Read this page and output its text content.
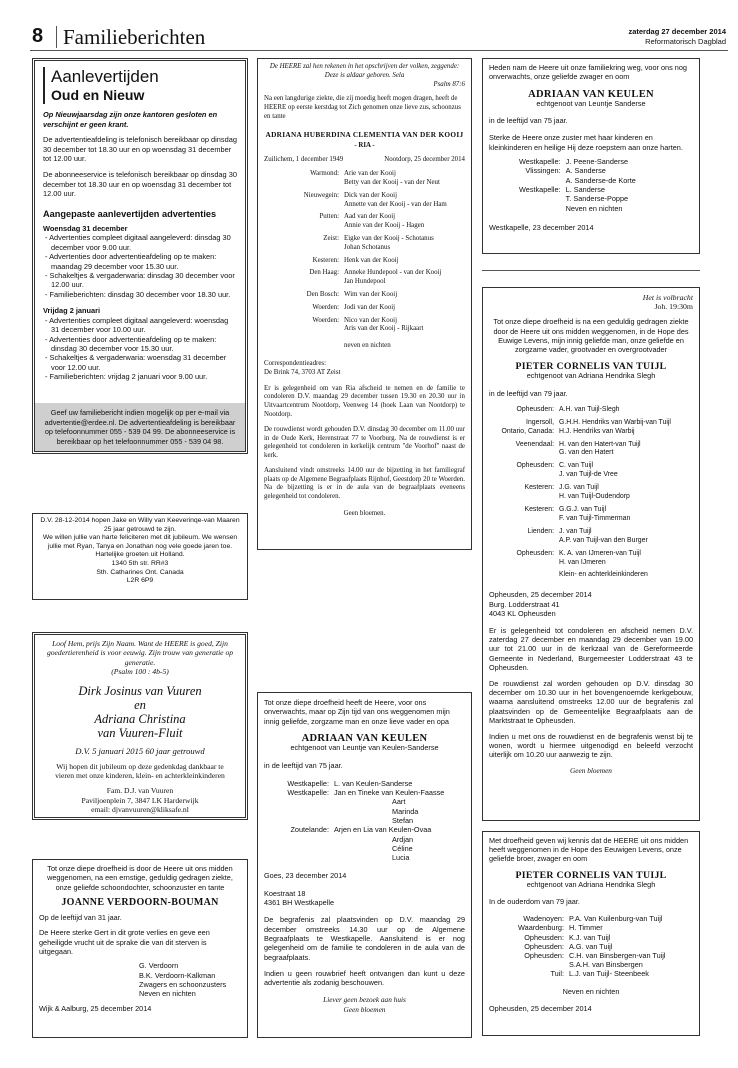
8 Familieberichten	zaterdag 27 december 2014
Reformatorisch Dagblad
Aanlevertijden
Oud en Nieuw
Op Nieuwjaarsdag zijn onze kantoren gesloten en verschijnt er geen krant.
De advertentieafdeling is telefonisch bereikbaar op dinsdag 30 december tot 18.30 uur en op woensdag 31 december tot 12.00 uur.
De abonneeservice is telefonisch bereikbaar op dinsdag 30 december tot 18.30 uur en op woensdag 31 december tot 12.00 uur.
Aangepaste aanlevertijden advertenties
Woensdag 31 december
- Advertenties compleet digitaal aangeleverd: dinsdag 30 december voor 9.00 uur.
- Advertenties door advertentieafdeling op te maken: maandag 29 december voor 15.30 uur.
- Schakeltjes & vergaderwaria: dinsdag 30 december voor 12.00 uur.
- Familieberichten: dinsdag 30 december voor 18.30 uur.
Vrijdag 2 januari
- Advertenties compleet digitaal aangeleverd: woensdag 31 december voor 10.00 uur.
- Advertenties door advertentieafdeling op te maken: dinsdag 30 december voor 15.30 uur.
- Schakeltjes & vergaderwaria: woensdag 31 december voor 12.00 uur.
- Familieberichten: vrijdag 2 januari voor 9.00 uur.
Geef uw familiebericht indien mogelijk op per e-mail via advertentie@erdee.nl. De advertentieafdeling is bereikbaar op telefoonnummer 055 - 539 04 99. De abonneeservice is bereikbaar op het telefoonnummer 055 - 539 04 98.
D.V. 28-12-2014 hopen Jake en Willy van Keeverinqe-van Maaren 25 jaar getrouwd te zijn.
We willen jullie van harte feliciteren met dit jubileum. We wensen jullie met Ryan, Tanya en Jonathan nog vele goede jaren toe.
Hartelijke groeten uit Holland.
1340 5th str. RR#3
Sth. Catharines Ont. Canada
L2R 6P9
Loof Hem, prijs Zijn Naam. Want de HEERE is goed, Zijn goedertierenheid is voor eeuwig. Zijn trouw van generatie op generatie.
(Psalm 100 : 4b-5)
Dirk Josinus van Vuuren
en
Adriana Christina
van Vuuren-Fluit
D.V. 5 januari 2015 60 jaar getrouwd
Wij hopen dit jubileum op deze gedenkdag dankbaar te vieren met onze kinderen, klein- en achterkleinkinderen
Fam. D.J. van Vuuren
Paviljoenplein 7, 3847 LK Harderwijk
email: djvanvuuren@kliksafe.nl
Tot onze diepe droefheid is door de Heere uit ons midden weggenomen, na een ernstige, geduldig gedragen ziekte, onze geliefde schoondochter, schoonzuster en tante
JOANNE VERDOORN-BOUMAN
Op de leeftijd van 31 jaar.
De Heere sterke Gert in dit grote verlies en geve een geheiligde vrucht uit de sprake die van dit sterven is uitgegaan.
G. Verdoorn
B.K. Verdoorn-Kalkman
Zwagers en schoonzusters
Neven en nichten
Wijk & Aalburg, 25 december 2014
De HEERE zal hen rekenen in het opschrijven der volken, zeggende: Deze is aldaar geboren. Sela
Psalm 87:6
Na een langdurige ziekte, die zij moedig heeft mogen dragen, heeft de HEERE op eerste kerstdag tot Zich genomen onze lieve zus, schoonzus en tante
ADRIANA HUBERDINA CLEMENTIA VAN DER KOOIJ
- RIA -
Zuilichem, 1 december 1949	Nootdorp, 25 december 2014
Warmond:	Arie van der Kooij
Betty van der Kooij - van der Neut

Nieuwegein:	Dick van der Kooij
Annette van der Kooij - van der Ham

Putten:	Aad van der Kooij
Annie van der Kooij - Hagen

Zeist:	Eigke van der Kooij - Schotanus
Johan Schotanus

Kesteren:	Henk van der Kooij

Den Haag:	Anneke Hundepool - van der Kooij
Jan Hundepool

Den Bosch:	Wim van der Kooij

Woerden:	Jodi van der Kooij

Woerden:	Nico van der Kooij
Aris van der Kooij - Rijkaart

	neven en nichten
Correspondentieadres:
De Brink 74, 3703 AT Zeist
Er is gelegenheid om van Ria afscheid te nemen en de familie te condoleren D.V. maandag 29 december tussen 19.30 en 20.30 uur in Uitvaartcentrum Nootdorp, Veenweg 14 (hoek Laan van Nootdorp) te Nootdorp.
De rouwdienst wordt gehouden D.V. dinsdag 30 december om 11.00 uur in de Oude Kerk, Herenstraat 77 te Voorburg. Na de rouwdienst is er gelegenheid tot condoleren in kerkelijk centrum "de Voorhof" naast de kerk.
Aansluitend vindt omstreeks 14.00 uur de bijzetting in het familiegraf plaats op de Algemene Begraafplaats Rijnhof, Geestdorp 20 te Woerden. Na de bijzetting is er in de aula van de begraafplaats eveneens gelegenheid tot condoleren.
Geen bloemen.
Tot onze diepe droefheid heeft de Heere, voor ons onverwachts, maar op Zijn tijd van ons weggenomen mijn innig geliefde, zorgzame man en onze lieve vader en opa
ADRIAAN VAN KEULEN
echtgenoot van Leuntje van Keulen-Sanderse
in de leeftijd van 75 jaar.
Westkapelle:	L. van Keulen-Sanderse
Westkapelle:	Jan en Tineke van Keulen-Faasse
Aart
Marinda
Stefan

Zoutelande:	Arjen en Lia van Keulen-Ovaa
Ardjan
Céline
Lucia
Goes, 23 december 2014
Koestraat 18
4361 BH Westkapelle
De begrafenis zal plaatsvinden op D.V. maandag 29 december omstreeks 14.30 uur op de Algemene Begraafplaats te Westkapelle. Aansluitend is er nog gelegenheid om de familie te condoleren in de aula van de begraafplaats.
Indien u geen rouwbrief heeft ontvangen dan kunt u deze advertentie als zodanig beschouwen.
Liever geen bezoek aan huis
Geen bloemen
Heden nam de Heere uit onze familiekring weg, voor ons nog onverwachts, onze geliefde zwager en oom
ADRIAAN VAN KEULEN
echtgenoot van Leuntje Sanderse
in de leeftijd van 75 jaar.
Sterke de Heere onze zuster met haar kinderen en kleinkinderen en heilige Hij deze roepstem aan onze harten.
Westkapelle:	J. Peene-Sanderse
Vlissingen:	A. Sanderse
A. Sanderse-de Korte

Westkapelle:	L. Sanderse
T. Sanderse-Poppe
Neven en nichten
Westkapelle, 23 december 2014
Het is volbracht
Joh. 19:30m
Tot onze diepe droefheid is na een geduldig gedragen ziekte door de Heere uit ons midden weggenomen, in de Hope des Euwige Levens, mijn innig geliefde man, onze geliefde en zorgzame vader, grootvader en overgrootvader
PIETER CORNELIS VAN TUIJL
echtgenoot van Adriana Hendrika Slegh
in de leeftijd van 79 jaar.
Opheusden:	A.H. van Tuijl-Slegh
Ingersoll,	G.H.H. Hendriks van Warbij-van Tuijl
Ontario, Canada:	H.J. Hendriks van Warbij
Veenendaal:	H. van den Hatert-van Tuijl
G. van den Hatert

Opheusden:	C. van Tuijl
J. van Tuijl-de Vree

Kesteren:	J.G. van Tuijl
H. van Tuijl-Oudendorp

Kesteren:	G.G.J. van Tuijl
F. van Tuijl-Timmerman

Lienden:	J. van Tuijl
A.P. van Tuijl-van den Burger

Opheusden:	K. A. van IJmeren-van Tuijl
H. van IJmeren

	Klein- en achterkleinkinderen
Opheusden, 25 december 2014
Burg. Lodderstraat 41
4043 KL Opheusden
Er is gelegenheid tot condoleren en afscheid nemen D.V. zaterdag 27 december en maandag 29 december van 19.00 uur tot 21.00 uur in de kerkzaal van de Gereformeerde Gemeente in Nederland, Burgemeester Lodderstraat 43 te Opheusden.
De rouwdienst zal worden gehouden op D.V. dinsdag 30 december om 10.30 uur in het bovengenoemde kerkgebouw, waarna aansluitend omstreeks 12.00 uur de begrafenis zal plaatsvinden op de Gemeentelijke Begraafplaats aan de Marktstraat te Opheusden.
Indien u met ons de rouwdienst en de begrafenis wenst bij te wonen, wordt u hiermee uitgenodigd en beleefd verzocht uiterlijk om 10.20 uur aanwezig te zijn.
Geen bloemen
Met droefheid geven wij kennis dat de HEERE uit ons midden heeft weggenomen in de Hope des Eeuwigen Levens, onze geliefde broer, zwager en oom
PIETER CORNELIS VAN TUIJL
echtgenoot van Adriana Hendrika Slegh
In de ouderdom van 79 jaar.
Wadenoyen:	P.A. Van Kuilenburg-van Tuijl
Waardenburg:	H. Timmer
Opheusden:	K.J. van Tuijl
Opheusden:	A.G. van Tuijl
Opheusden:	C.H. van Binsbergen-van Tuijl
S.A.H. van Binsbergen

Tuil:	L.J. van Tuijl- Steenbeek
Neven en nichten
Opheusden, 25 december 2014
